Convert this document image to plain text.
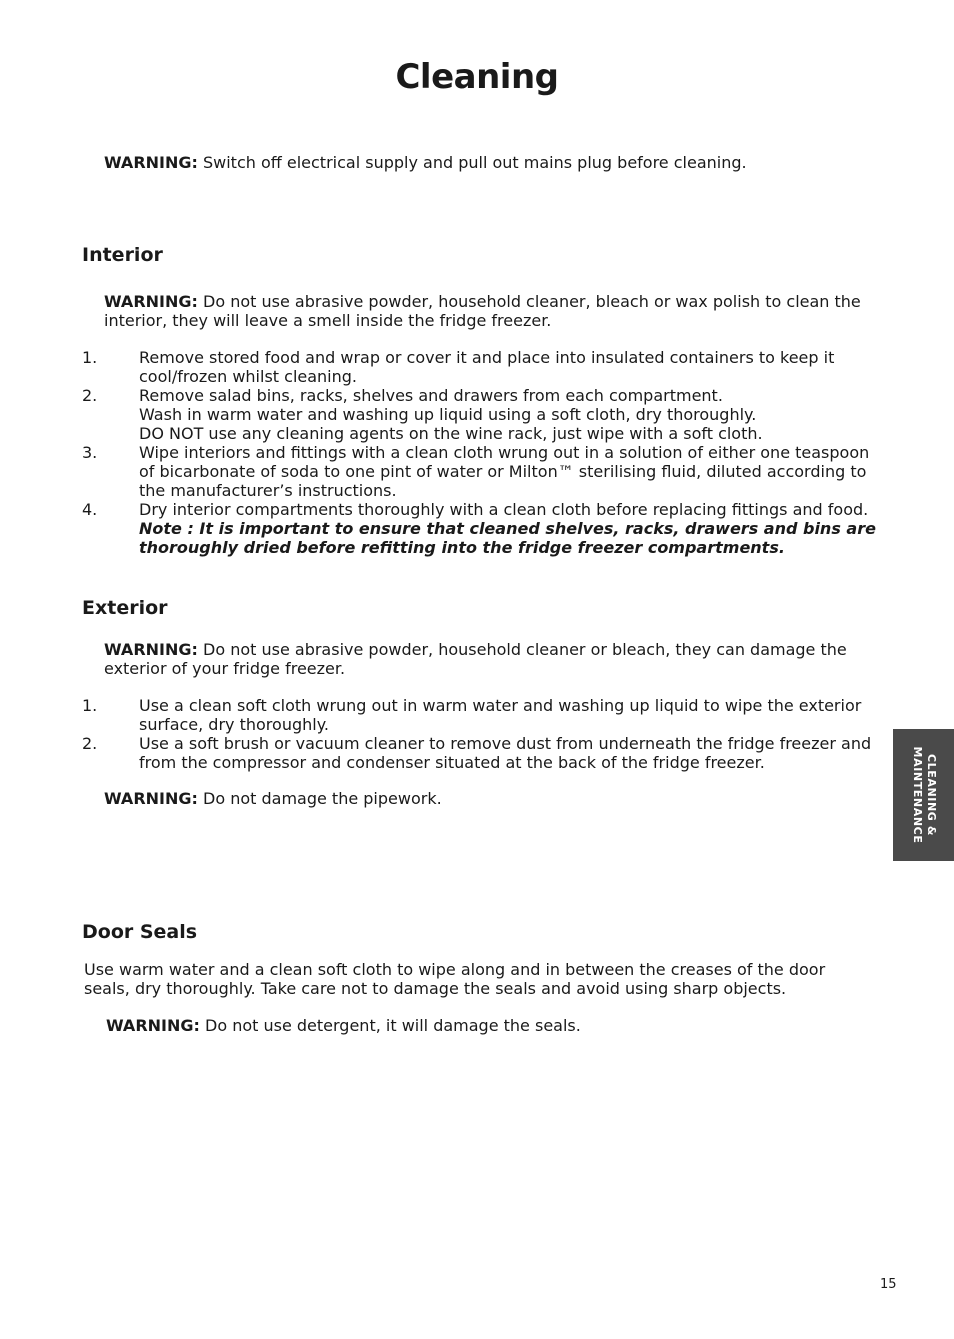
Cleaning

WARNING: Switch off electrical supply and pull out mains plug before cleaning.

Interior

WARNING: Do not use abrasive powder, household cleaner, bleach or wax polish to clean the interior, they will leave a smell inside the fridge freezer.

1.	Remove stored food and wrap or cover it and place into insulated containers to keep it cool/frozen whilst cleaning.
2.	Remove salad bins, racks, shelves and drawers from each compartment.
Wash in warm water and washing up liquid using a soft cloth, dry thoroughly.
DO NOT use any cleaning agents on the wine rack, just wipe with a soft cloth.
3.	Wipe interiors and fittings with a clean cloth wrung out in a solution of either one teaspoon of bicarbonate of soda to one pint of water or Milton™ sterilising fluid, diluted according to the manufacturer’s instructions.
4.	Dry interior compartments thoroughly with a clean cloth before replacing fittings and food.
Note : It is important to ensure that cleaned shelves, racks, drawers and bins are thoroughly dried before refitting into the fridge freezer compartments.
Exterior

WARNING: Do not use abrasive powder, household cleaner or bleach, they can damage the exterior of your fridge freezer.

1.	Use a clean soft cloth wrung out in warm water and washing up liquid to wipe the exterior surface, dry thoroughly.
2.	Use a soft brush or vacuum cleaner to remove dust from underneath the fridge freezer and from the compressor and condenser situated at the back of the fridge freezer.

WARNING: Do not damage the pipework.

Door Seals

Use warm water and a clean soft cloth to wipe along and in between the creases of the door seals, dry thoroughly. Take care not to damage the seals and avoid using sharp objects.

WARNING: Do not use detergent, it will damage the seals.

CLEANING &
MAINTENANCE
15
